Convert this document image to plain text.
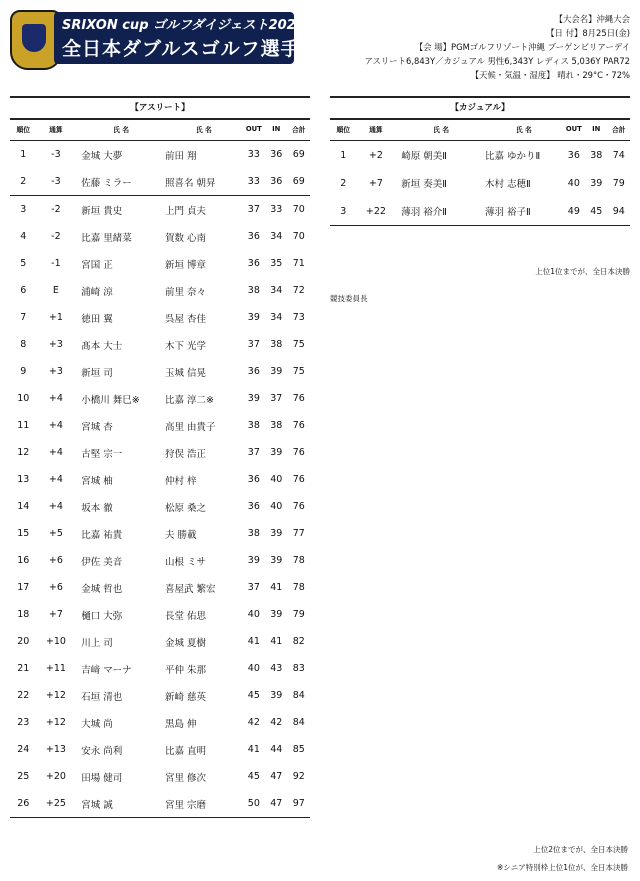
SRIXON cup ゴルフダイジェスト2020
全日本ダブルスゴルフ選手権
【大会名】沖縄大会
【日 付】8月25日(金)
【会 場】PGMゴルフリゾート沖縄 ブーゲンビリアーデイ
アスリート6,843Y／カジュアル 男性6,343Y レディス 5,036Y PAR72
【天候・気温・湿度】 晴れ・29°C・72%
【アスリート】	【カジュアル】
順位	通算	氏 名	氏 名	OUT	IN	合計
1	-3	金城 大夢	前田 翔	33	36	69
2	-3	佐藤 ミラー	照喜名 朝昇	33	36	69
3	-2	新垣 貴史	上門 貞夫	37	33	70
4	-2	比嘉 里緒菜	賀数 心南	36	34	70
5	-1	宮国 正	新垣 博章	36	35	71
6	E	浦崎 涼	前里 奈々	38	34	72
7	+1	徳田 翼	呉屋 杏佳	39	34	73
8	+3	髙本 大士	木下 光学	37	38	75
9	+3	新垣 司	玉城 信晃	36	39	75
10	+4	小橋川 舞巳※	比嘉 淳二※	39	37	76
11	+4	宮城 杏	高里 由貴子	38	38	76
12	+4	古堅 宗一	狩俣 浩正	37	39	76
13	+4	宮城 柚	仲村 梓	36	40	76
14	+4	坂本 徹	松原 桑之	36	40	76
15	+5	比嘉 祐貴	夫 勝載	38	39	77
16	+6	伊佐 美音	山根 ミサ	39	39	78
17	+6	金城 哲也	喜屋武 繁宏	37	41	78
18	+7	樋口 大弥	長堂 佑思	40	39	79
20	+10	川上 司	金城 夏樹	41	41	82
21	+11	吉﨑 マーナ	平仲 朱那	40	43	83
22	+12	石垣 清也	新崎 慈英	45	39	84
23	+12	大城 尚	黒島 伸	42	42	84
24	+13	安永 尚利	比嘉 直明	41	44	85
25	+20	田場 健司	宮里 修次	45	47	92
26	+25	宮城 誠	宮里 宗磨	50	47	97
順位	通算	氏 名	氏 名	OUT	IN	合計
1	+2	崎原 朝美Ⅱ	比嘉 ゆかりⅡ	36	38	74
2	+7	新垣 奏美Ⅱ	木村 志穂Ⅱ	40	39	79
3	+22	薄羽 裕介Ⅱ	薄羽 裕子Ⅱ	49	45	94
上位1位までが、全日本決勝
競技委員長
上位2位までが、全日本決勝
※シニア特別枠上位1位が、全日本決勝
